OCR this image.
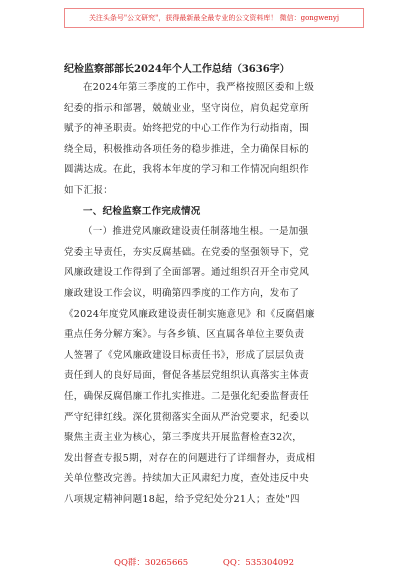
关注头条号"公文研究"，获得最新最全最专业的公文资料库！ 微信：gongwenyj
纪检监察部部长2024年个人工作总结（3636字）
在2024年第三季度的工作中，我严格按照区委和上级
纪委的指示和部署，兢兢业业，坚守岗位，肩负起党章所
赋予的神圣职责。始终把党的中心工作作为行动指南，围
绕全局，积极推动各项任务的稳步推进，全力确保目标的
圆满达成。在此，我将本年度的学习和工作情况向组织作
如下汇报：
一、纪检监察工作完成情况
（一）推进党风廉政建设责任制落地生根。一是加强
党委主导责任，夯实反腐基础。在党委的坚强领导下，党
风廉政建设工作得到了全面部署。通过组织召开全市党风
廉政建设工作会议，明确第四季度的工作方向，发布了
《2024年度党风廉政建设责任制实施意见》和《反腐倡廉
重点任务分解方案》。与各乡镇、区直属各单位主要负责
人签署了《党风廉政建设目标责任书》，形成了层层负责
责任到人的良好局面，督促各基层党组织认真落实主体责
任，确保反腐倡廉工作扎实推进。二是强化纪委监督责任
严守纪律红线。深化贯彻落实全面从严治党要求，纪委以
聚焦主责主业为核心，第三季度共开展监督检查32次，
发出督查专报5期，对存在的问题进行了详细督办，责成相
关单位整改完善。持续加大正风肃纪力度，查处违反中央
八项规定精神问题18起，给予党纪处分21人；查处"四
QQ群：30265665	QQ：535304092
